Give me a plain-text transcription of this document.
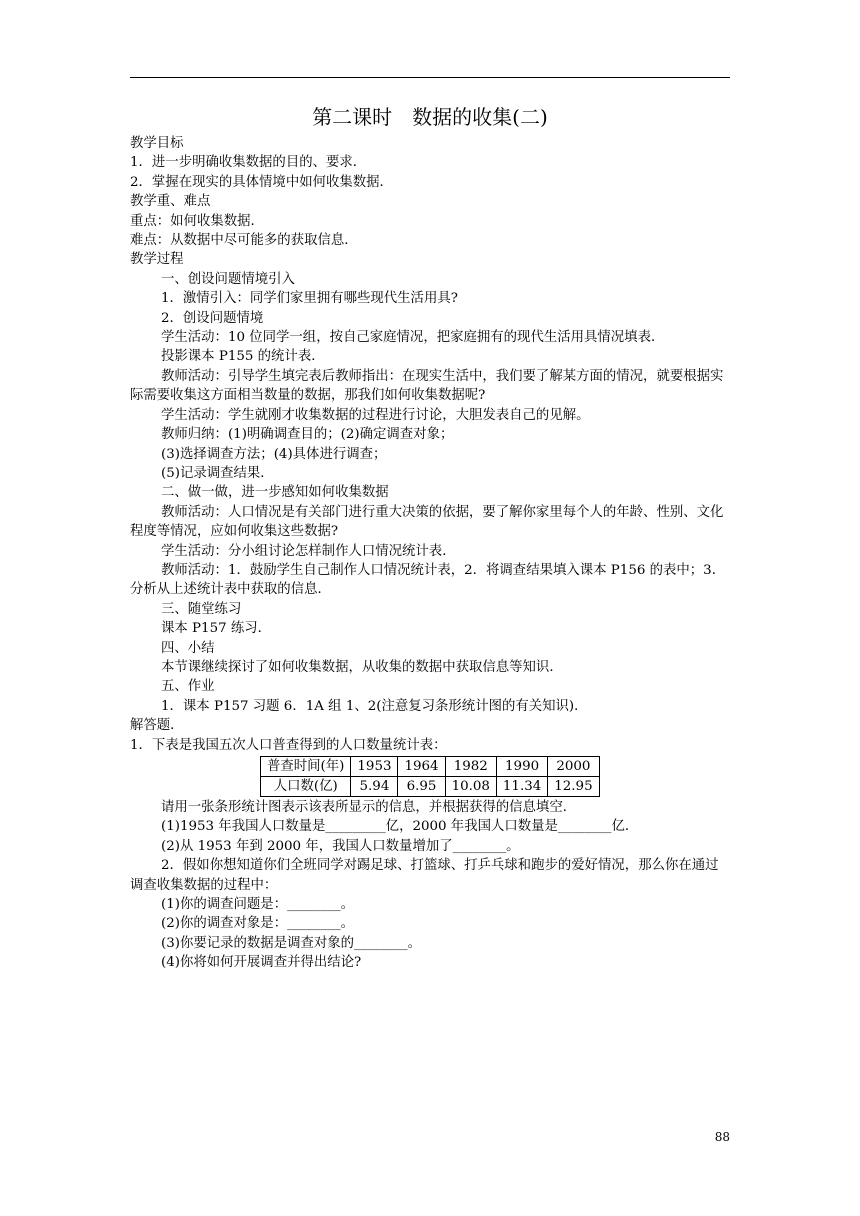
第二课时　数据的收集(二)

教学目标

1．进一步明确收集数据的目的、要求．

2．掌握在现实的具体情境中如何收集数据．

教学重、难点

重点：如何收集数据．

难点：从数据中尽可能多的获取信息．

教学过程

一、创设问题情境引入

1．激情引入：同学们家里拥有哪些现代生活用具?

2．创设问题情境

学生活动：10 位同学一组，按自己家庭情况，把家庭拥有的现代生活用具情况填表．

投影课本 P155 的统计表．

教师活动：引导学生填完表后教师指出：在现实生活中，我们要了解某方面的情况，就要根据实际需要收集这方面相当数量的数据，那我们如何收集数据呢?

学生活动：学生就刚才收集数据的过程进行讨论，大胆发表自己的见解。

教师归纳：(1)明确调查目的；(2)确定调查对象；

(3)选择调查方法；(4)具体进行调查；

(5)记录调查结果．

二、做一做，进一步感知如何收集数据

教师活动：人口情况是有关部门进行重大决策的依据，要了解你家里每个人的年龄、性别、文化程度等情况，应如何收集这些数据?

学生活动：分小组讨论怎样制作人口情况统计表．

教师活动：1．鼓励学生自己制作人口情况统计表，2．将调查结果填入课本 P156 的表中；3．分析从上述统计表中获取的信息．

三、随堂练习

课本 P157 练习．

四、小结

本节课继续探讨了如何收集数据，从收集的数据中获取信息等知识．

五、作业

1．课本 P157 习题 6．1A 组 1、2(注意复习条形统计图的有关知识)．

解答题．

1．下表是我国五次人口普查得到的人口数量统计表：

普查时间(年)	1953	1964	1982	1990	2000
人口数(亿)	5.94	6.95	10.08	11.34	12.95

请用一张条形统计图表示该表所显示的信息，并根据获得的信息填空．

(1)1953 年我国人口数量是_________亿，2000 年我国人口数量是________亿．

(2)从 1953 年到 2000 年，我国人口数量增加了________。

2．假如你想知道你们全班同学对踢足球、打篮球、打乒乓球和跑步的爱好情况，那么你在通过调查收集数据的过程中：

(1)你的调查问题是：________。

(2)你的调查对象是：________。

(3)你要记录的数据是调查对象的________。

(4)你将如何开展调查并得出结论?

88
